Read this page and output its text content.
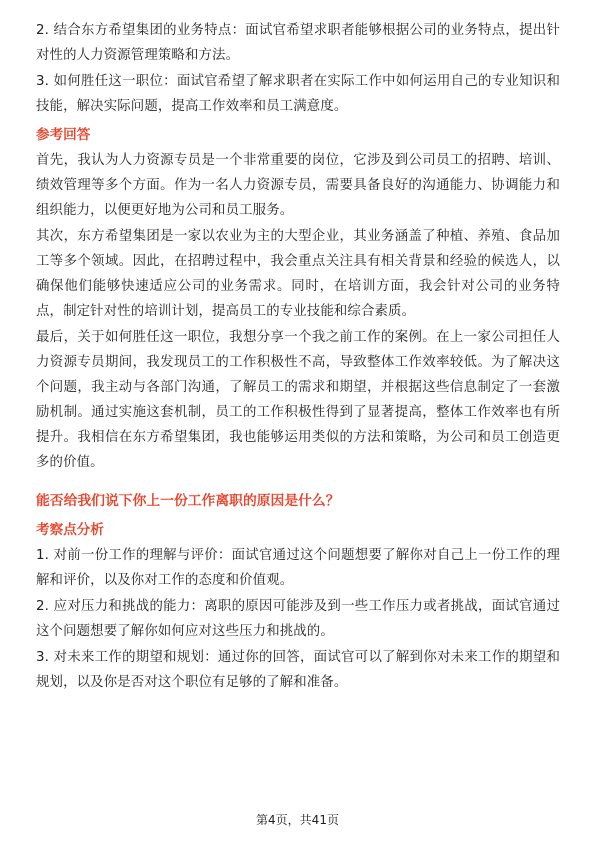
2. 结合东方希望集团的业务特点：面试官希望求职者能够根据公司的业务特点，提出针对性的人力资源管理策略和方法。

3. 如何胜任这一职位：面试官希望了解求职者在实际工作中如何运用自己的专业知识和技能，解决实际问题，提高工作效率和员工满意度。

参考回答

首先，我认为人力资源专员是一个非常重要的岗位，它涉及到公司员工的招聘、培训、绩效管理等多个方面。作为一名人力资源专员，需要具备良好的沟通能力、协调能力和组织能力，以便更好地为公司和员工服务。

其次，东方希望集团是一家以农业为主的大型企业，其业务涵盖了种植、养殖、食品加工等多个领域。因此，在招聘过程中，我会重点关注具有相关背景和经验的候选人，以确保他们能够快速适应公司的业务需求。同时，在培训方面，我会针对公司的业务特点，制定针对性的培训计划，提高员工的专业技能和综合素质。

最后，关于如何胜任这一职位，我想分享一个我之前工作的案例。在上一家公司担任人力资源专员期间，我发现员工的工作积极性不高，导致整体工作效率较低。为了解决这个问题，我主动与各部门沟通，了解员工的需求和期望，并根据这些信息制定了一套激励机制。通过实施这套机制，员工的工作积极性得到了显著提高，整体工作效率也有所提升。我相信在东方希望集团，我也能够运用类似的方法和策略，为公司和员工创造更多的价值。

能否给我们说下你上一份工作离职的原因是什么？
考察点分析

1. 对前一份工作的理解与评价：面试官通过这个问题想要了解你对自己上一份工作的理解和评价，以及你对工作的态度和价值观。

2. 应对压力和挑战的能力：离职的原因可能涉及到一些工作压力或者挑战，面试官通过这个问题想要了解你如何应对这些压力和挑战的。

3. 对未来工作的期望和规划：通过你的回答，面试官可以了解到你对未来工作的期望和规划，以及你是否对这个职位有足够的了解和准备。

第4页，共41页
